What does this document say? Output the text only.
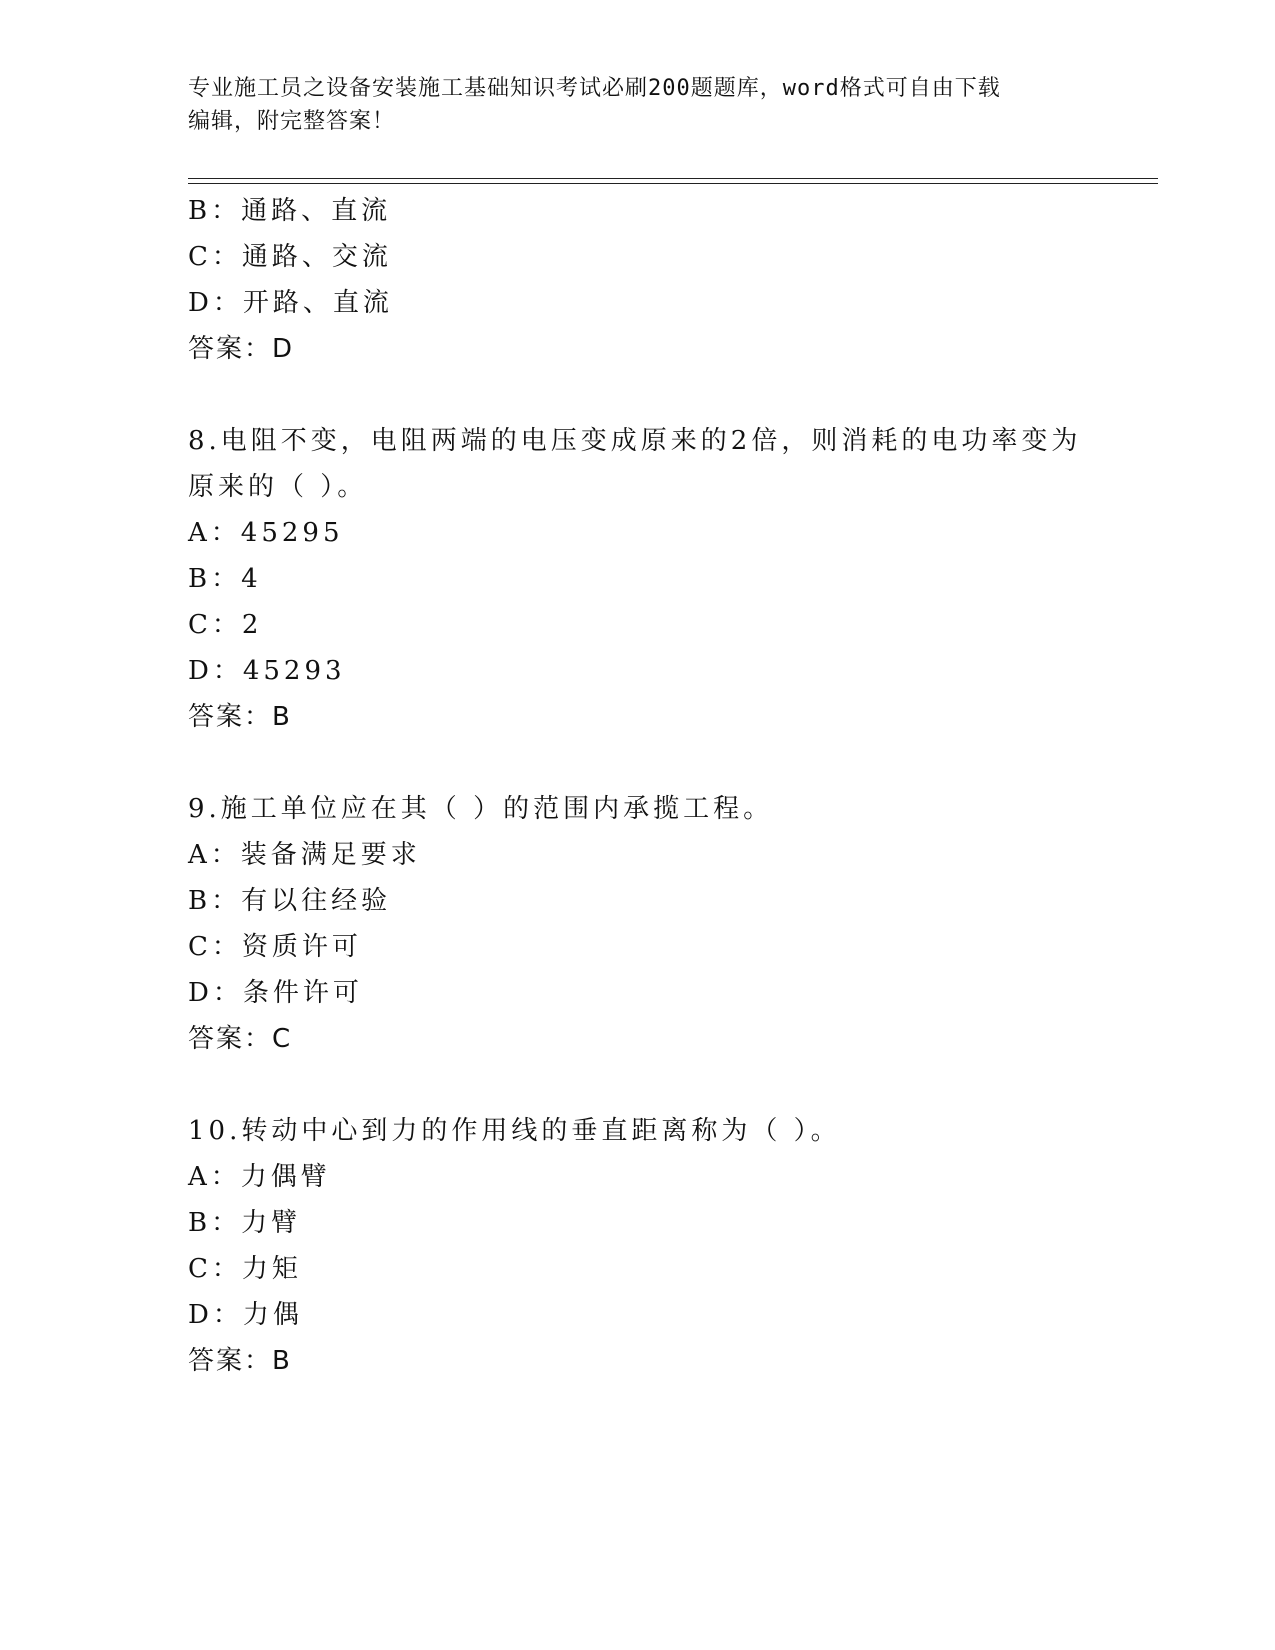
专业施工员之设备安装施工基础知识考试必刷200题题库，word格式可自由下载
编辑，附完整答案！
B：通路、直流
C：通路、交流
D：开路、直流
答案：D
8.电阻不变，电阻两端的电压变成原来的2倍，则消耗的电功率变为
原来的（ ）。
A：45295
B：4
C：2
D：45293
答案：B
9.施工单位应在其（ ）的范围内承揽工程。
A：装备满足要求
B：有以往经验
C：资质许可
D：条件许可
答案：C
10.转动中心到力的作用线的垂直距离称为（ ）。
A：力偶臂
B：力臂
C：力矩
D：力偶
答案：B
